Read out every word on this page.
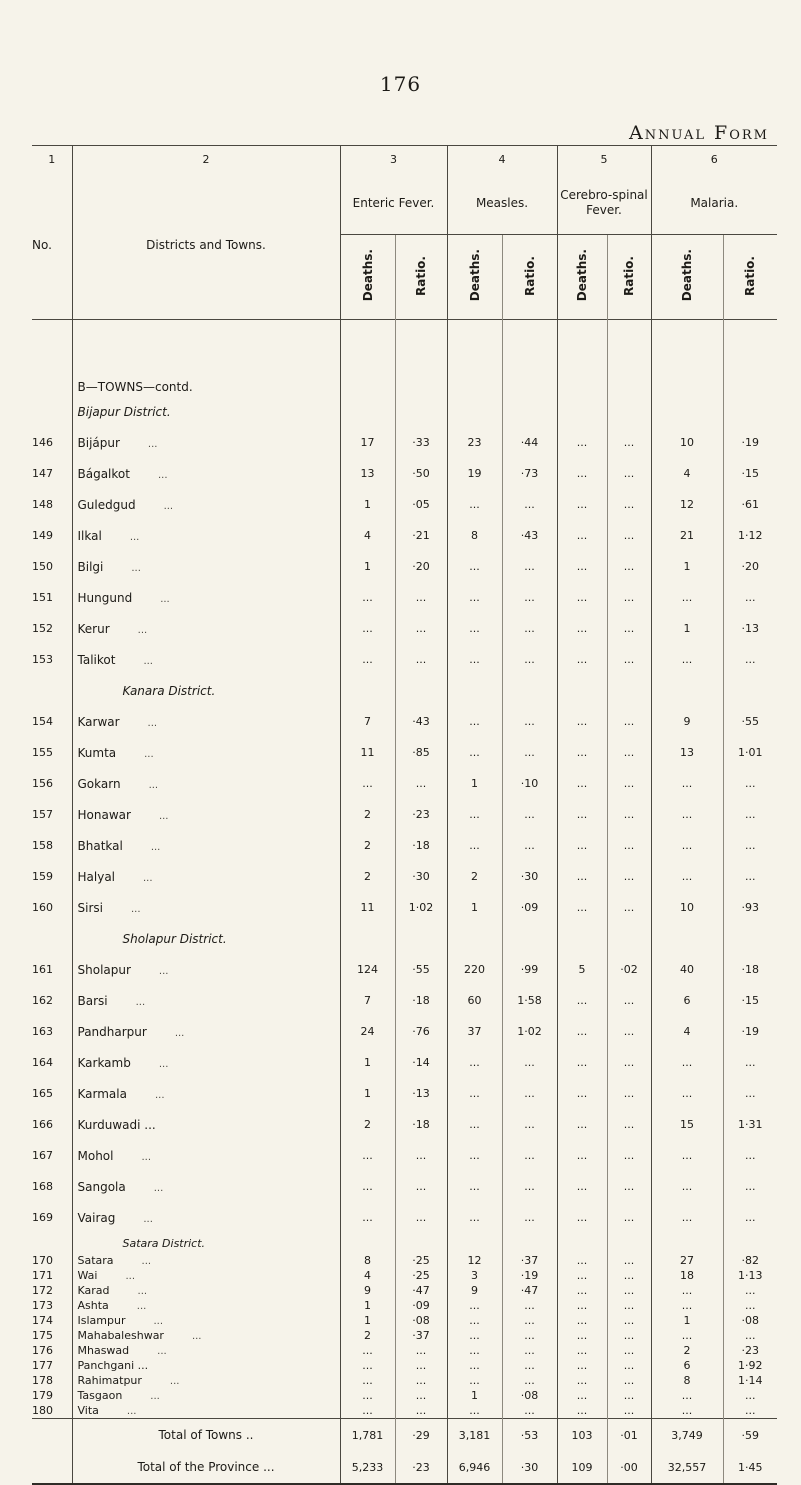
176
Annual Form
1	2	3		4		5		6	
No.	Districts and Towns.	Enteric Fever.		Measles.		Cerebro-spinal Fever.		Malaria.	
		Deaths.	Ratio.	Deaths.	Ratio.	Deaths.	Ratio.	Deaths.	Ratio.
	B—TOWNS—contd.								
	Bijapur District.								
146	Bijápur ...	17	·33	23	·44	...	...	10	·19
147	Bágalkot ...	13	·50	19	·73	...	...	4	·15
148	Guledgud ...	1	·05	...	...	...	...	12	·61
149	Ilkal ...	4	·21	8	·43	...	...	21	1·12
150	Bilgi ...	1	·20	...	...	...	...	1	·20
151	Hungund ...	...	...	...	...	...	...	...	...
152	Kerur ...	...	...	...	...	...	...	1	·13
153	Talikot ...	...	...	...	...	...	...	...	...
	Kanara District.								
154	Karwar ...	7	·43	...	...	...	...	9	·55
155	Kumta ...	11	·85	...	...	...	...	13	1·01
156	Gokarn ...	...	...	1	·10	...	...	...	...
157	Honawar ...	2	·23	...	...	...	...	...	...
158	Bhatkal ...	2	·18	...	...	...	...	...	...
159	Halyal ...	2	·30	2	·30	...	...	...	...
160	Sirsi ...	11	1·02	1	·09	...	...	10	·93
	Sholapur District.								
161	Sholapur ...	124	·55	220	·99	5	·02	40	·18
162	Barsi ...	7	·18	60	1·58	...	...	6	·15
163	Pandharpur ...	24	·76	37	1·02	...	...	4	·19
164	Karkamb ...	1	·14	...	...	...	...	...	...
165	Karmala ...	1	·13	...	...	...	...	...	...
166	Kurduwadi ...	2	·18	...	...	...	...	15	1·31
167	Mohol ...	...	...	...	...	...	...	...	...
168	Sangola ...	...	...	...	...	...	...	...	...
169	Vairag ...	...	...	...	...	...	...	...	...
	Satara District.								
170	Satara ...	8	·25	12	·37	...	...	27	·82
171	Wai ...	4	·25	3	·19	...	...	18	1·13
172	Karad ...	9	·47	9	·47	...	...	...	...
173	Ashta ...	1	·09	...	...	...	...	...	...
174	Islampur ...	1	·08	...	...	...	...	1	·08
175	Mahabaleshwar ...	2	·37	...	...	...	...	...	...
176	Mhaswad ...	...	...	...	...	...	...	2	·23
177	Panchgani ...	...	...	...	...	...	...	6	1·92
178	Rahimatpur ...	...	...	...	...	...	...	8	1·14
179	Tasgaon ...	...	...	1	·08	...	...	...	...
180	Vita ...	...	...	...	...	...	...	...	...
	Total of Towns ..	1,781	·29	3,181	·53	103	·01	3,749	·59
	Total of the Province ...	5,233	·23	6,946	·30	109	·00	32,557	1·45
